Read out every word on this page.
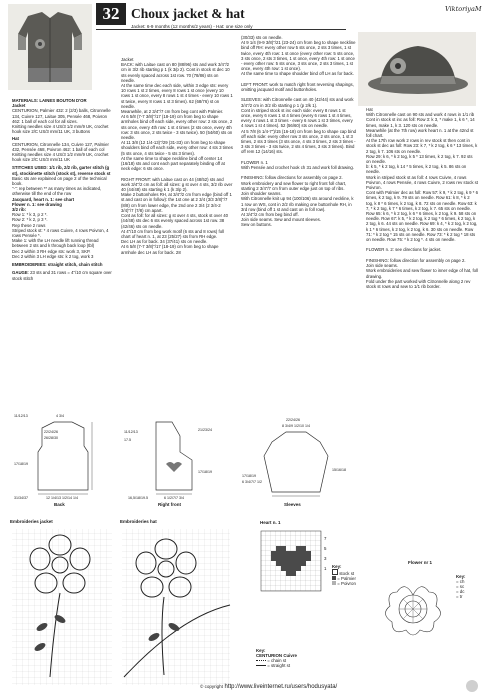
32 Choux jacket & hat
Jacket: 6-9 months (12 months/2 years) - Hat: one size only
ViktoriyaM
MATERIALS: LAINES BOUTON D'OR
Jacket
CENTURION, Palmier 432: 2 (2/3) balls, Citronnelle 134, Cuivre 127, Laitue 305, Pensée 468, Poivron 462: 1 ball of each col for all sizes.
Knitting needles size 4 US/3 1/2 mm/9 UK, crochet hook size 2/C US/3 mm/11 UK, 3 buttons
Hat
CENTURION, Citronnelle 134, Cuivre 127, Palmier 432, Pensée 468, Poivron 462: 1 ball of each col
Knitting needles size 4 US/3 1/2 mm/9 UK, crochet hook size 2/C US/3 mm/11 UK
STITCHES USED: 1/1 rib, 2/2 rib, garter stitch (g st), stockinette stitch (stock st), reverse stock st
Basic sts are explained on page 2 of the technical book.
"-": rep between ** as many times as indicated, otherwise till the end of the row
Jacquard, heart n. 1: see chart
Flower n. 1: see drawing
3/2 rib:
Row 1: * k 3, p 2 *.
Row 2: * k 2, p 3 *.
Rep these 2 rows
Striped stock st: * 4 rows Cuivre, 4 rows Poivron, 4 rows Pensée *.
Make 1: with the LH needle lift running thread between 2 sts and k through back loop (tbl)
Dec 2 within 3 RH edge sts: work 3, SKP.
Dec 2 within 3 LH edge sts: k 2 tog, work 3
EMBROIDERIES: straight stitch, chain stitch
GAUGE: 23 sts and 31 rows = 4"/10 cm square over stock stitch
Jacket
BACK: with Laitue cast on 80 (88/96) sts and work 3/4"/2 cm in 3/2 rib starting p 1 (k 3/p 2). Cont in stock st dec 10 sts evenly spaced across 1st row. 70 (78/86) sts on needle.
At the same time dec each side, within 3 edge sts: every 10 rows 1 st 2 times, every 8 rows 1 st once (every 10 rows 1 st once, every 8 rows 1 st 4 times - every 10 rows 1 st twice, every 8 rows 1 st 3 times). 62 (68/76) st on needle.
Meanwhile, at 2 3/4"/7 cm from beg cont with Palmier.
At 6 5/8 (7-7 3/8)"/17 (18-19) cm from beg to shape armholes bind off each side, every other row: 2 sts once, 2 sts once, every 4th row: 1 st 4 times (2 sts once, every 4th row: 3 sts once, 2 sts twice - 3 sts twice). 50 (54/60) sts on needle.
At 11 3/8 (12 1/4-13)"/29 (31-33) cm from beg to shape shoulders bind off each side, every other row: 4 sts 3 times (5 sts once, 4 sts twice - 5 sts 3 times).
At the same time to shape neckline bind off center 14 (16/18) sts and cont each part separately binding off at neck edge: 6 sts once.

RIGHT FRONT: with Laitue cast on 44 (48/52) sts and work 3/4"/2 cm as foll: all sizes: g st over 4 sts, 3/2 rib over 40 (44/48) sts starting k 1 (k 3/p 2).
Make 2 buttonholes RH, at 3/4"/2 cm from edge (bind off 1 st and cast on in follow): the 1st one at 2 3/4 (3/3 3/8)"/7 (8/8) cm from lower edge, the 2nd one 2 3/4 (2 3/4-2 3/4)"/7 (7/8) cm apart.
Cont as foll: for all sizes: g st over 4 sts, stock st over 40 (44/48) sts dec 6 sts evenly spaced across 1st row. 38 (42/46) sts on needle.
At 4"/10 cm from beg work motif (6 sts and 8 rows) foll chart of heart n. 1, at 23 (25/27) sts from RH edge.
Dec LH as for back. 34 (37/41) sts on needle.
At 6 5/8 (7-7 3/8)"/17 (18-19) cm from beg to shape armhole dec LH as for back. 28
(30/33) sts on needle.
At 9 1/4 (9-9 3/8)"/21 (23-24) cm from beg to shape neckline bind off RH: every other row 5 sts once, 2 sts 3 times, 1 st twice, every 4th row: 1 st once (every other row: 5 sts once, 3 sts once, 2 sts 3 times, 1 st once, every 4th row: 1 st once - every other row: 5 sts once, 3 sts once, 2 sts 3 times, 1 st once, every 4th row: 1 st once).
At the same time to shape shoulder bind off LH as for back.

LEFT FRONT: work to match right front reversing shapings, omitting jacquard motif and buttonholes.

SLEEVES: with Citronnelle cast on 40 (42/44) sts and work 3/4"/2 cm in 3/2 rib starting p 1 (p 2/k 1).
Cont in striped stock st inc each side: every 8 rows 1 st once, every 6 rows 1 st 4 times (every 6 rows 1 st 4 times, every 4 rows 1 st 3 times - every 6 rows 1 st 3 times, every 4 rows 1 st 4 times). 52 (56/60) sts on needle.
At 5 7/8 (6 1/4-7")/15 (16-18) cm from beg to shape cap bind off each side: every other row 3 sts once, 2 sts once, 1 st 3 times, 2 sts 3 times (3 sts once, 4 sts 3 times, 2 sts 3 times - 3 sts 3 times - 3 sts twice, 2 sts 4 times, 3 sts 3 times). Bind off rem 12 (14/16) sts.

FLOWER n. 1
With Pensée and crochet hook ch 31 and work foll drawing.

FINISHING: follow directions for assembly on page 2.
Work embroidery and sew flower to right front foll chart, starting 2 3/4"/7 cm from outer edge just on top of ribs.
Join shoulder seams.
With Citronnelle knit up 94 (100/106) sts around neckline, k 1 row on WS, cont in 2/2 rib making one buttonhole RH, in 3rd row (bind off 1 st and cast on in foll row).
At 3/4"/2 cm from beg bind off.
Join side seams. Sew and mount sleeves.
Sew on buttons.
Hat
With Citronnelle cast on 90 sts and work 4 rows in 1/1 rib
Cont in stock st inc as foll: Row 3: k 3, * make 1, k 6 *, 14 times, make 1, k 3. 120 sts on needle.
Meanwhile (at the 7th row) work heart n. 1 at the 42nd st foll chart.
At the 17th row work 2 rows in rev stock st then cont in stock st dec as foll: Row 23: k 7, * k 2 tog, k 6 * 13 times, k 2 tog, k 7. 106 sts on needle.
Row 29: k 6, * k 2 tog, k 5 * 13 times, k 2 tog, k 7. 92 sts on needle.
b: k 5, * k 2 tog, k 14 * 5 times, k 2 tog, k 5. 86 sts on needle.
Work in striped stock st as foll: 4 rows Cuivre, 4 rows Poivron, 4 rows Pensée, 4 rows Cuivre, 2 rows rev stock st Poivron.
Cont with Palmier dec as foll: Row 57: k 9, * k 2 tog, k 9 * 6 times, k 2 tog, k 9. 79 sts on needle. Row 61: k 8, * k 2 tog, k 8 * 6 times, k 2 tog, k 8. 72 sts on needle. Row 63: k 7, * k 2 tog, k 7 * 6 times, k 2 tog, k 7. 65 sts on needle. Row 65: k 6, * k 2 tog, k 6 * 6 times, k 2 tog, k 9. 58 sts on needle. Row 67: k 5, * k 2 tog, k 2 tog * 6 times, k 2 tog, k 2 tog, k 6. 44 sts on needle. Row 69: k 4, * k 2 tog, k 2 tog, k 1 * 6 times, k 2 tog, k 2 tog, k 6. 30 sts on needle. Row 71: * k 2 tog * 15 sts on needle. Row 73: * k 2 tog * 18 sts on needle. Row 75: * k 2 tog *. 4 sts on needle.

FLOWER n. 2: see directions for jacket.

FINISHING: follow direction for assembly on page 2.
Join side seams.
Work embroideries and sew flower to inner edge of hat, foll drawing.
Fold under the part worked with Citronnelle along 2 rev stock st rows and sew to 1/1 rib border.
11/12/13	4 3/4
22/24/26
26/28/30
17/18/19
31/34/37	12 1/4/13 1/2/14 1/4
Back
11/12/13
17.5
21/23/24
17/18/19
16,5/18/19.5	6 1/2/7/7 3/4
Right front
22/24/26
8 3/4/9 1/2/10 1/4
17/18/19
6 3/4/7/7 1/2
15/16/18
Sleeves
Embroideries jacket	Embroideries hat	Heart n. 1
7
5
3
1	Key:
stock st
= Palmier
= Poivron
Key:
CENTURION Cuivre
= chain st
= straight st
Flower nr 1
Key:
= ch
= sc
= dc
= tr
© copyright http://www.liveinternet.ru/users/hodusyata/
